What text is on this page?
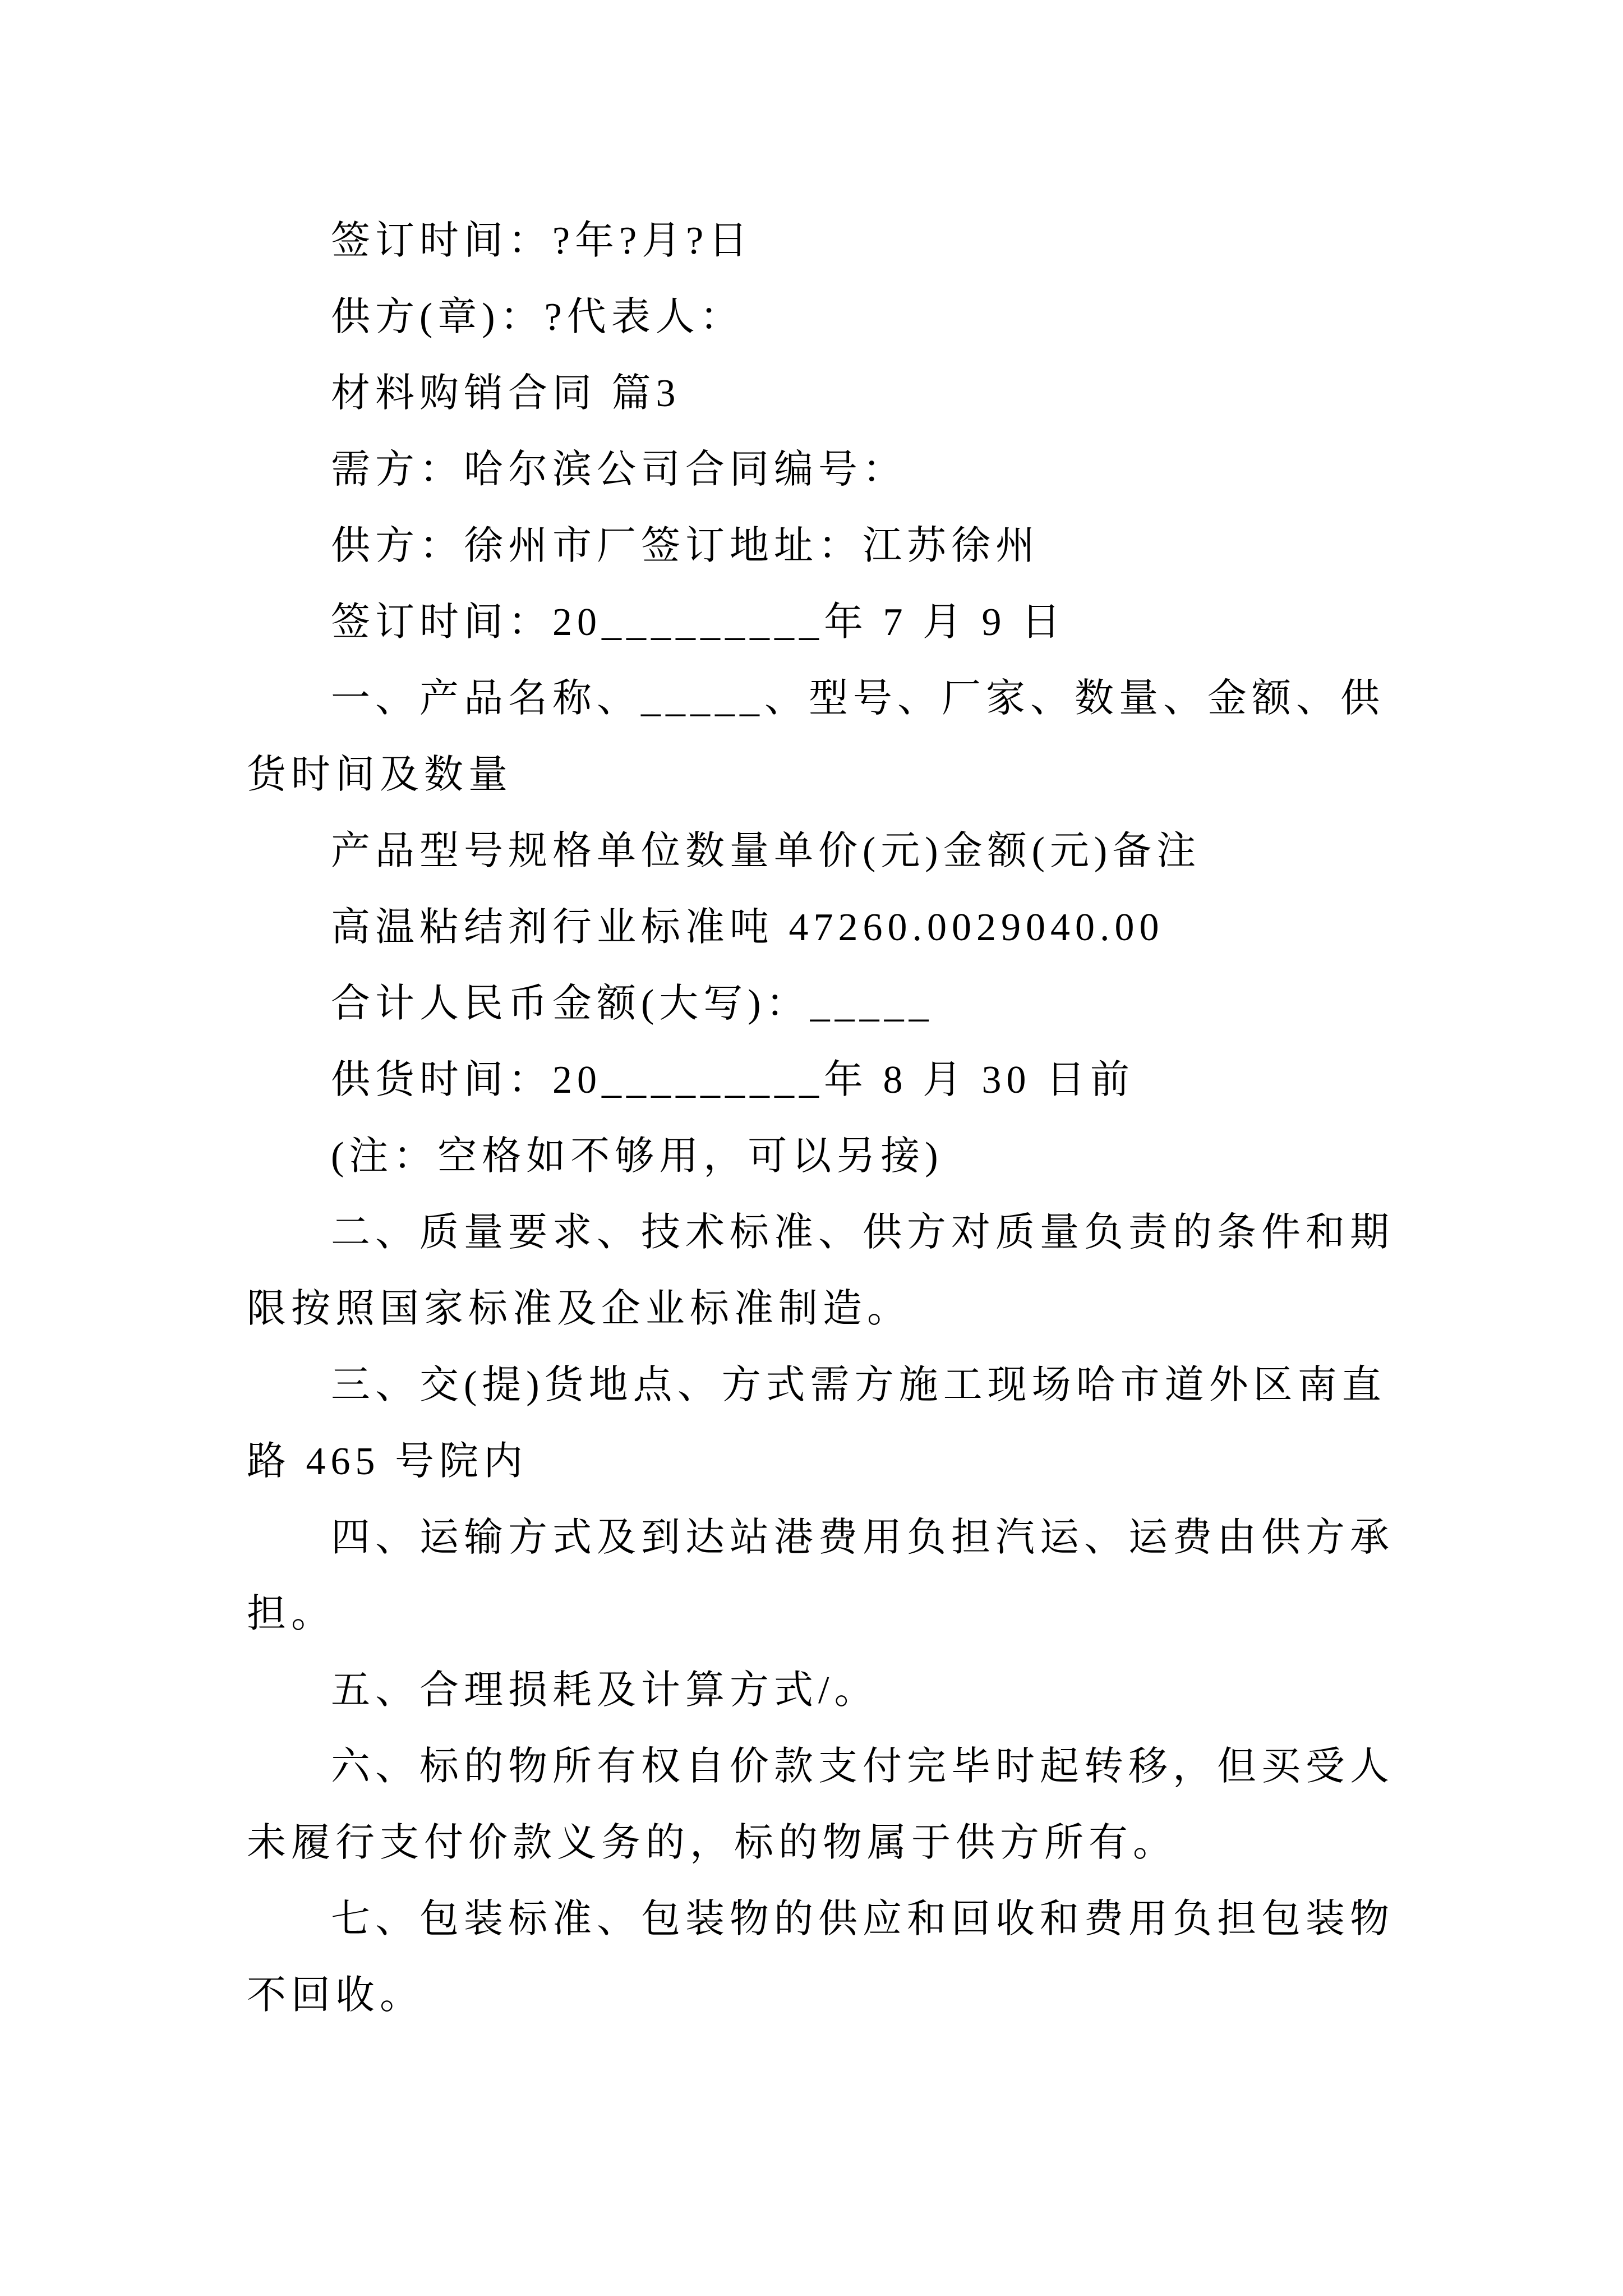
签订时间：?年?月?日
供方(章)：?代表人：
材料购销合同 篇3
需方：哈尔滨公司合同编号：
供方：徐州市厂签订地址：江苏徐州
签订时间：20_________年 7 月 9 日
一、产品名称、_____、型号、厂家、数量、金额、供
货时间及数量
产品型号规格单位数量单价(元)金额(元)备注
高温粘结剂行业标准吨 47260.0029040.00
合计人民币金额(大写)：_____
供货时间：20_________年 8 月 30 日前
(注：空格如不够用，可以另接)
二、质量要求、技术标准、供方对质量负责的条件和期
限按照国家标准及企业标准制造。
三、交(提)货地点、方式需方施工现场哈市道外区南直
路 465 号院内
四、运输方式及到达站港费用负担汽运、运费由供方承
担。
五、合理损耗及计算方式/。
六、标的物所有权自价款支付完毕时起转移，但买受人
未履行支付价款义务的，标的物属于供方所有。
七、包装标准、包装物的供应和回收和费用负担包装物
不回收。
